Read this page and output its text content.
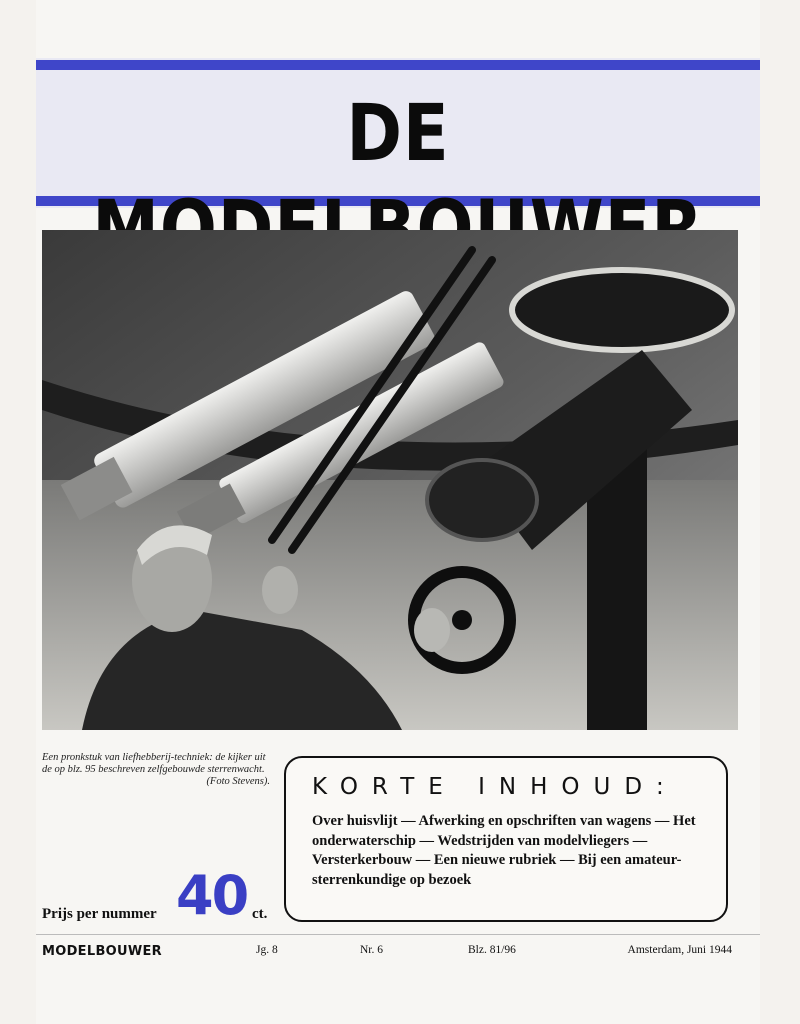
DE
Een pronkstuk van liefhebberij-techniek: de kijker uit de op blz. 95 beschreven zelfgebouwde sterrenwacht.
(Foto Stevens). KORTE INHOUD:
Over huisvlijt — Afwerking en opschriften van wagens — Het onderwaterschip — Wedstrijden van modelvliegers — Versterkerbouw — Een nieuwe rubriek — Bij een amateur-sterrenkundige op bezoek
Prijs per nummer 40 ct.
MODELBOUWER	Jg. 8	Nr. 6	Blz. 81/96	Amsterdam, Juni 1944
